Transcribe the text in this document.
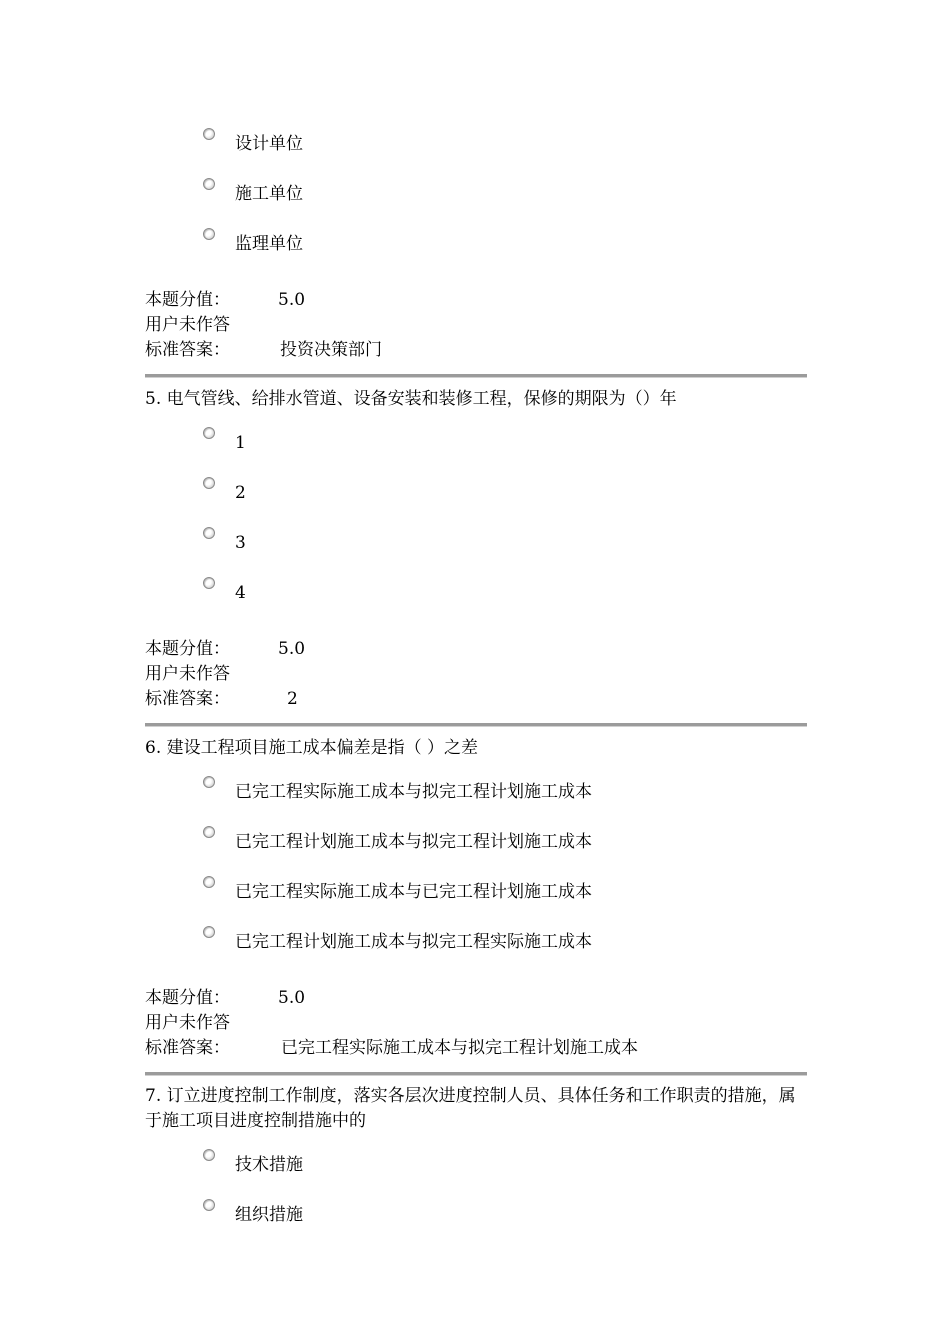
设计单位
施工单位
监理单位
本题分值：	5.0
用户未作答
标准答案：	投资决策部门
5. 电气管线、给排水管道、设备安装和装修工程，保修的期限为（）年
1
2
3
4
本题分值：	5.0
用户未作答
标准答案：	2
6. 建设工程项目施工成本偏差是指（ ）之差
已完工程实际施工成本与拟完工程计划施工成本
已完工程计划施工成本与拟完工程计划施工成本
已完工程实际施工成本与已完工程计划施工成本
已完工程计划施工成本与拟完工程实际施工成本
本题分值：	5.0
用户未作答
标准答案：	已完工程实际施工成本与拟完工程计划施工成本
7. 订立进度控制工作制度，落实各层次进度控制人员、具体任务和工作职责的措施，属于施工项目进度控制措施中的
技术措施
组织措施
